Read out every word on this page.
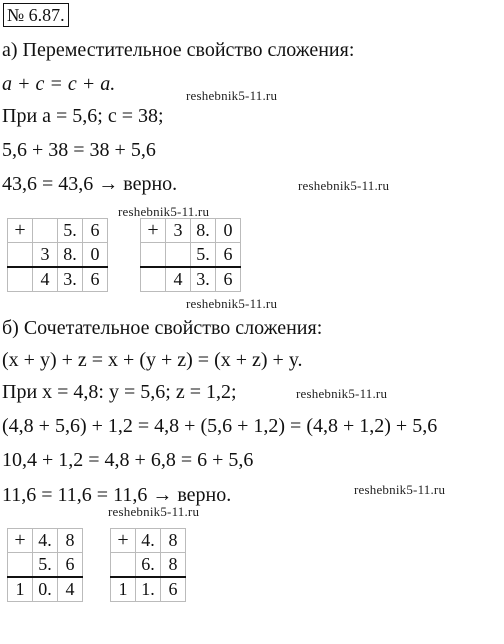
№ 6.87.
а) Переместительное свойство сложения:
a + c = c + a.
При a = 5,6; c = 38;
5,6 + 38 = 38 + 5,6
43,6 = 43,6 → верно.
+		5.	6
	3	8.	0
	4	3.	6
+	3	8.	0
		5.	6
	4	3.	6
б) Сочетательное свойство сложения:
(x + y) + z = x + (y + z) = (x + z) + y.
При x = 4,8: y = 5,6; z = 1,2;
(4,8 + 5,6) + 1,2 = 4,8 + (5,6 + 1,2) = (4,8 + 1,2) + 5,6
10,4 + 1,2 = 4,8 + 6,8 = 6 + 5,6
11,6 = 11,6 = 11,6 → верно.
+	4.	8
	5.	6
1	0.	4
+	4.	8
	6.	8
1	1.	6
reshebnik5-11.ru
reshebnik5-11.ru
reshebnik5-11.ru
reshebnik5-11.ru
reshebnik5-11.ru
reshebnik5-11.ru
reshebnik5-11.ru
